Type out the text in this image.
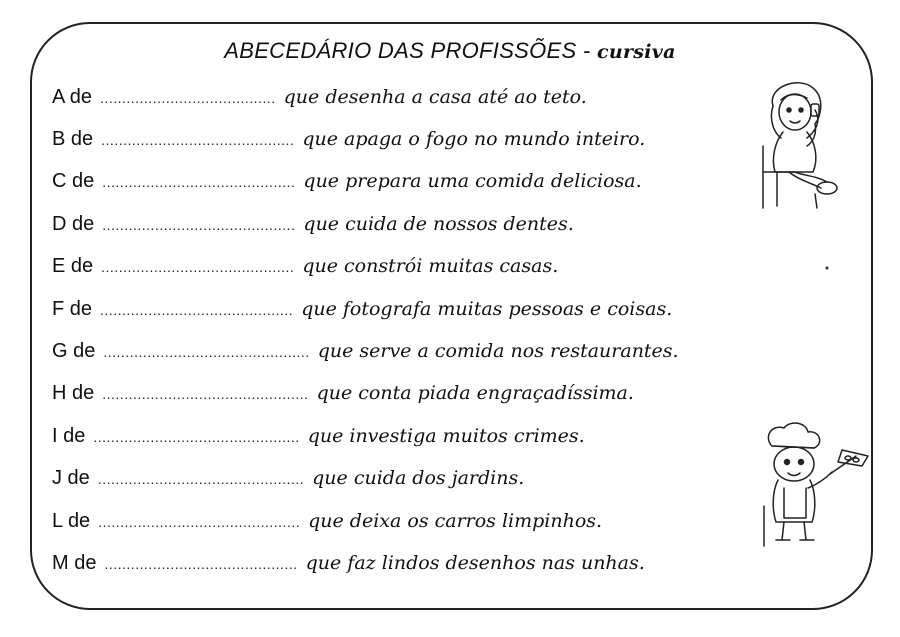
ABECEDÁRIO DAS PROFISSÕES - cursiva
A de ........................................ que desenha a casa até ao teto.
B de ............................................ que apaga o fogo no mundo inteiro.
C de ............................................ que prepara uma comida deliciosa.
D de ............................................ que cuida de nossos dentes.
E de ............................................ que constrói muitas casas.
F de ............................................ que fotografa muitas pessoas e coisas.
G de ............................................... que serve a comida nos restaurantes.
H de ............................................... que conta piada engraçadíssima.
I de ............................................... que investiga muitos crimes.
J de ............................................... que cuida dos jardins.
L de .............................................. que deixa os carros limpinhos.
M de ............................................ que faz lindos desenhos nas unhas.
